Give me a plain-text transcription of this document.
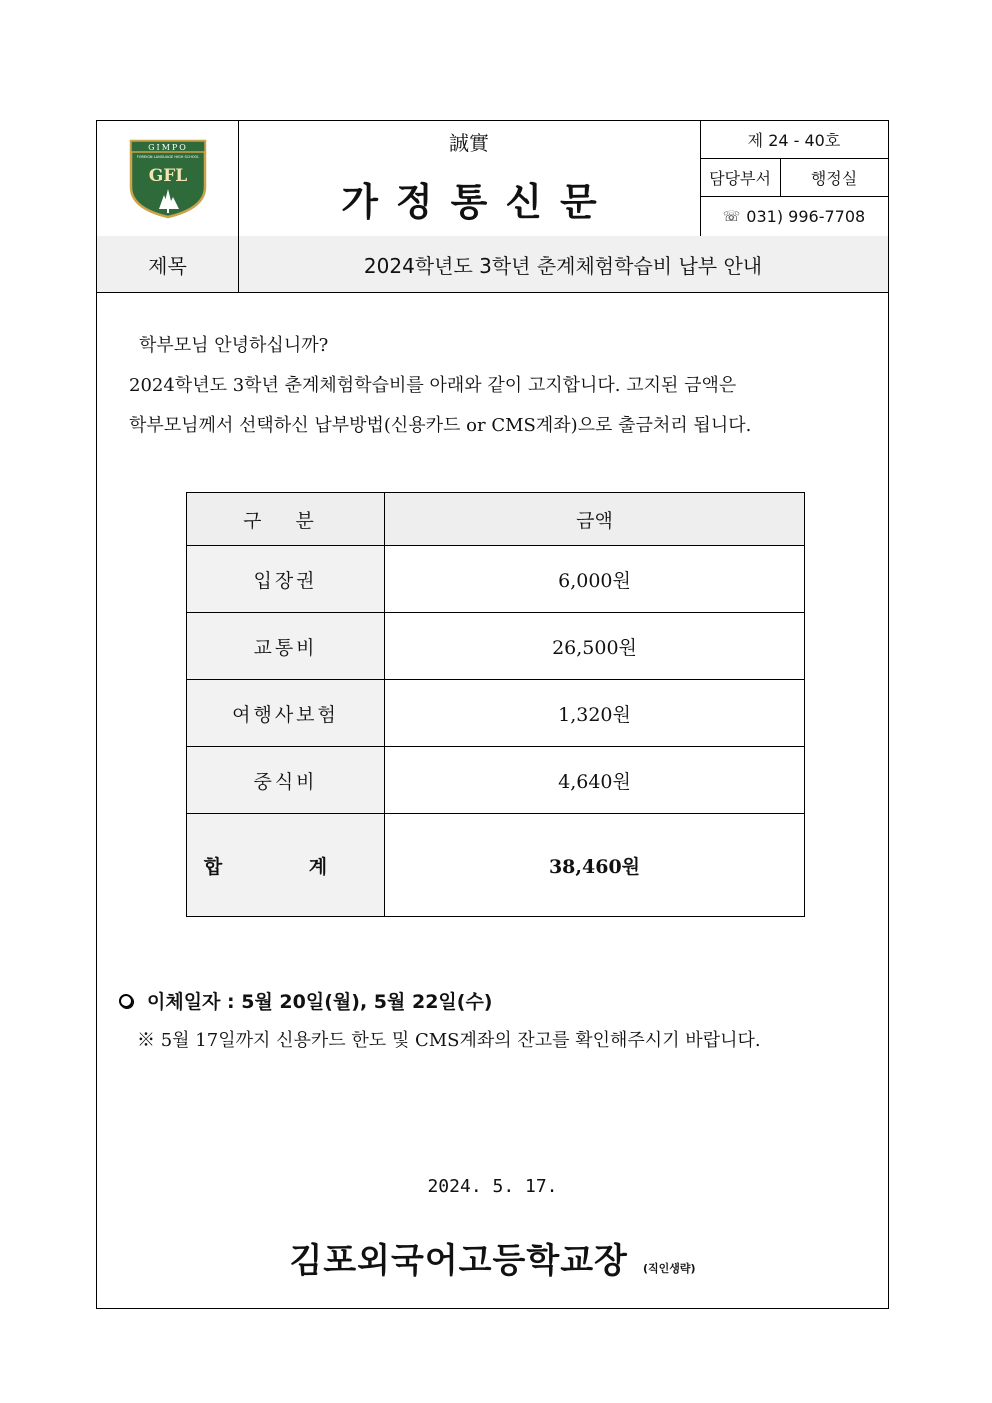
GIMPO
FOREIGN LANGUAGE HIGH SCHOOL
GFL
誠實
가정통신문
제 24 - 40호
담당부서	행정실
☏ 031) 996-7708
제목	2024학년도 3학년 춘계체험학습비 납부 안내
학부모님 안녕하십니까?
2024학년도 3학년 춘계체험학습비를 아래와 같이 고지합니다. 고지된 금액은
학부모님께서 선택하신 납부방법(신용카드 or CMS계좌)으로 출금처리 됩니다.
구 분	금액
입장권	6,000원
교통비	26,500원
여행사보험	1,320원
중식비	4,640원
합 계	38,460원
이체일자 : 5월 20일(월), 5월 22일(수)
※ 5월 17일까지 신용카드 한도 및 CMS계좌의 잔고를 확인해주시기 바랍니다.
2024. 5. 17.
김포외국어고등학교장 (직인생략)
